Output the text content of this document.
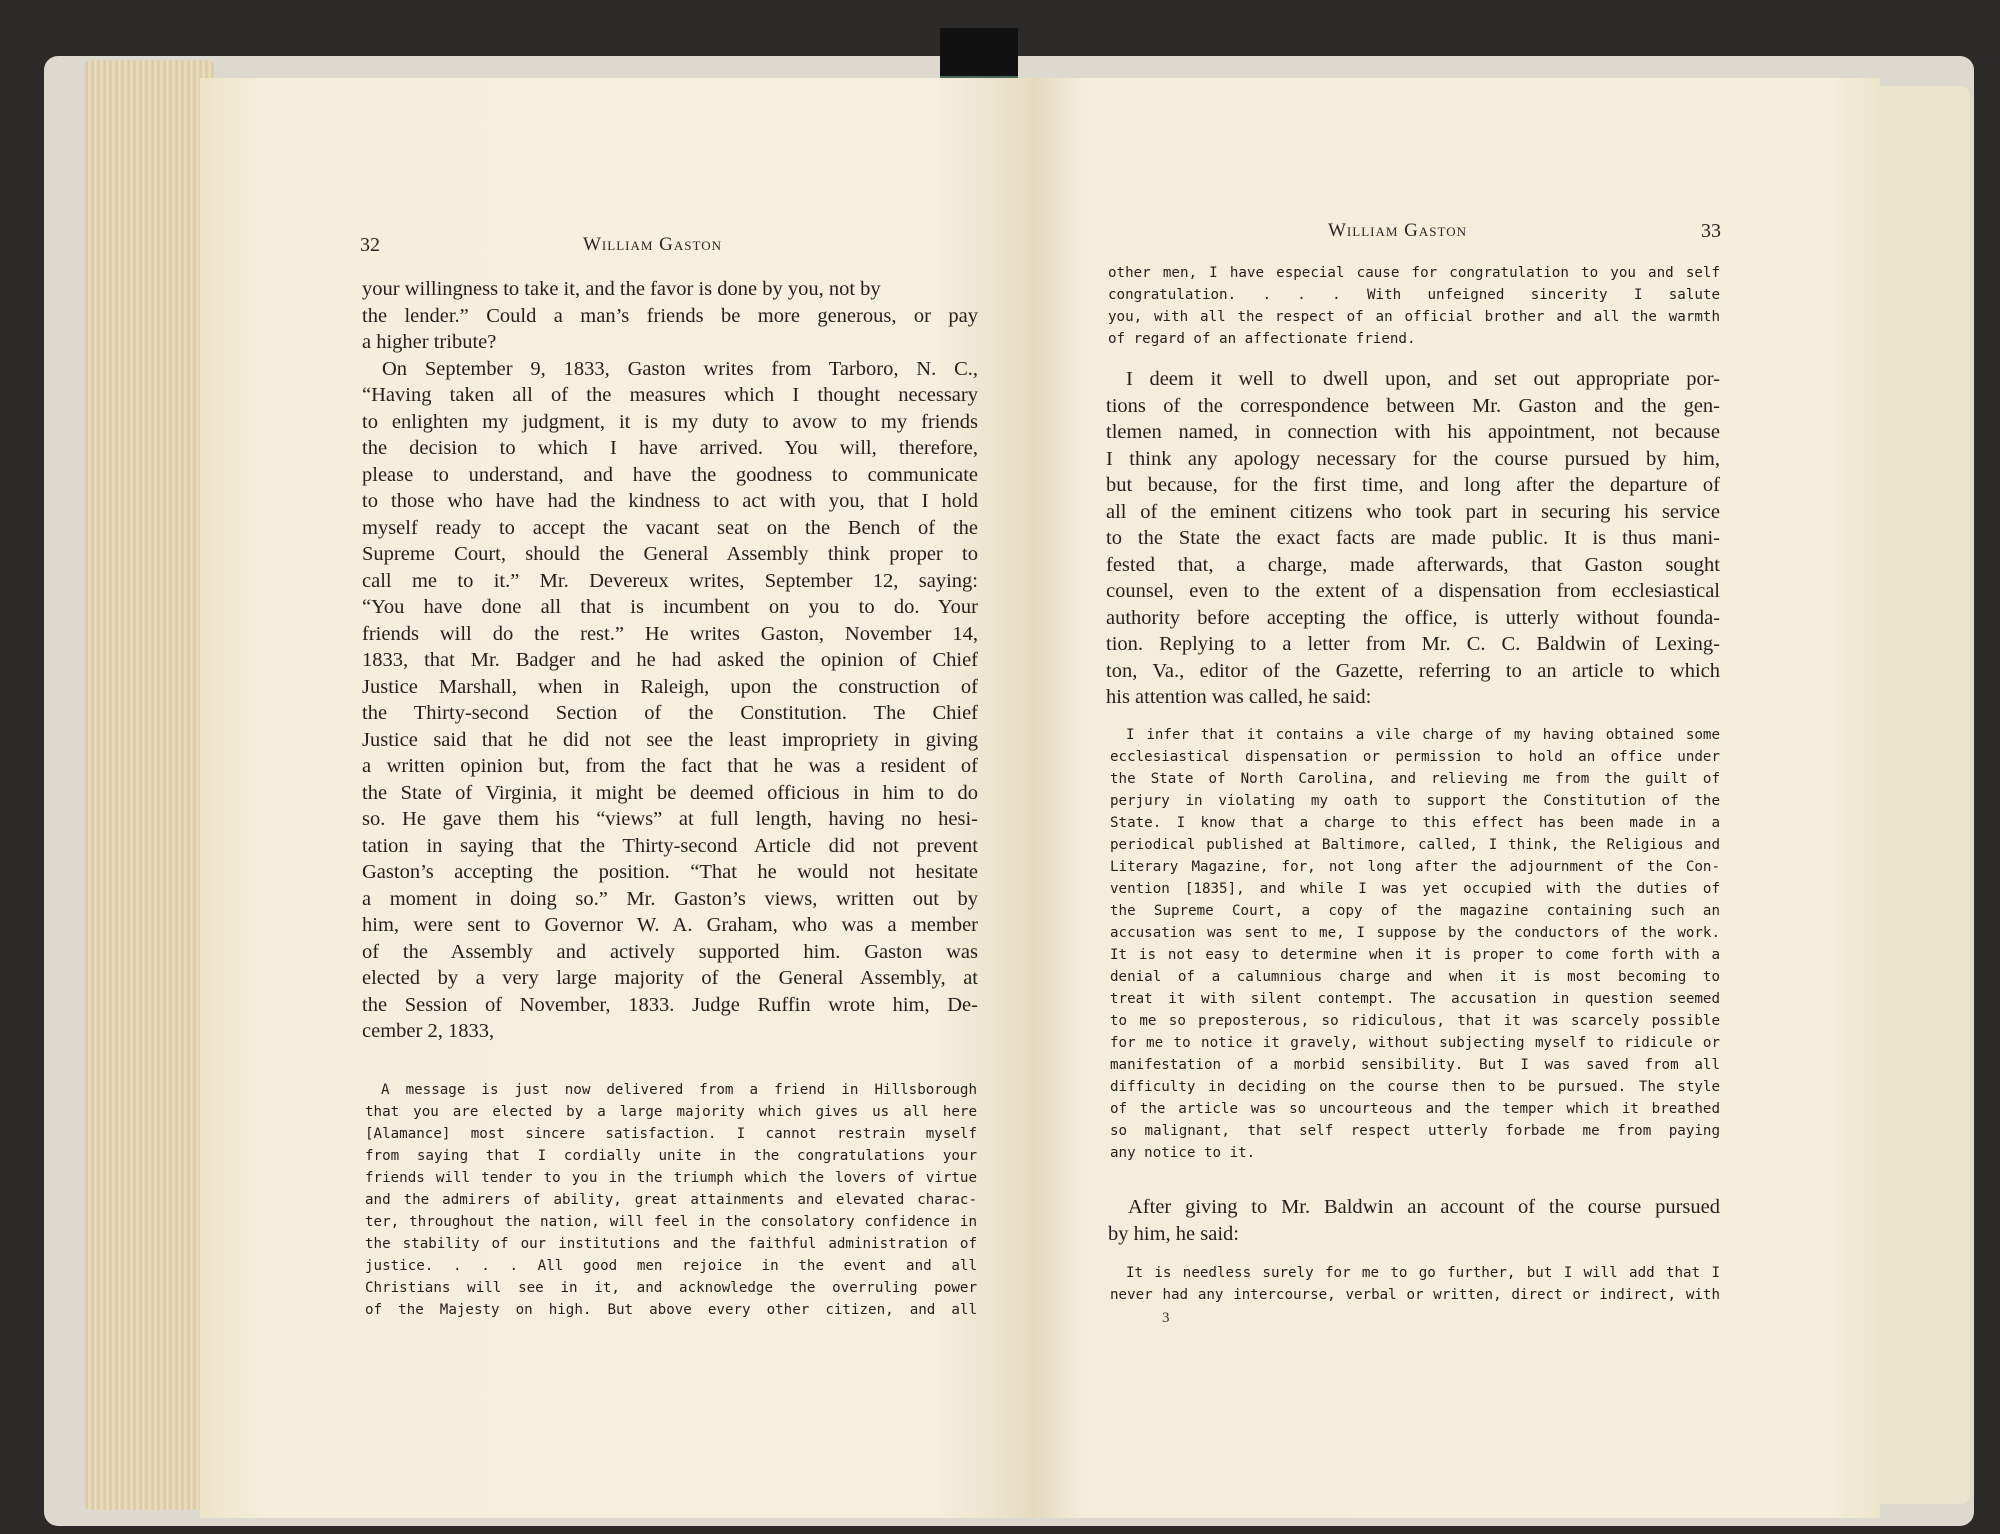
32	William Gaston
your willingness to take it, and the favor is done by you, not by
the lender.” Could a man’s friends be more generous, or pay
a higher tribute?
On September 9, 1833, Gaston writes from Tarboro, N. C.,
“Having taken all of the measures which I thought necessary
to enlighten my judgment, it is my duty to avow to my friends
the decision to which I have arrived. You will, therefore,
please to understand, and have the goodness to communicate
to those who have had the kindness to act with you, that I hold
myself ready to accept the vacant seat on the Bench of the
Supreme Court, should the General Assembly think proper to
call me to it.” Mr. Devereux writes, September 12, saying:
“You have done all that is incumbent on you to do. Your
friends will do the rest.” He writes Gaston, November 14,
1833, that Mr. Badger and he had asked the opinion of Chief
Justice Marshall, when in Raleigh, upon the construction of
the Thirty-second Section of the Constitution. The Chief
Justice said that he did not see the least impropriety in giving
a written opinion but, from the fact that he was a resident of
the State of Virginia, it might be deemed officious in him to do
so. He gave them his “views” at full length, having no hesi-
tation in saying that the Thirty-second Article did not prevent
Gaston’s accepting the position. “That he would not hesitate
a moment in doing so.” Mr. Gaston’s views, written out by
him, were sent to Governor W. A. Graham, who was a member
of the Assembly and actively supported him. Gaston was
elected by a very large majority of the General Assembly, at
the Session of November, 1833. Judge Ruffin wrote him, De-
cember 2, 1833,
A message is just now delivered from a friend in Hillsborough
that you are elected by a large majority which gives us all here
[Alamance] most sincere satisfaction. I cannot restrain myself
from saying that I cordially unite in the congratulations your
friends will tender to you in the triumph which the lovers of virtue
and the admirers of ability, great attainments and elevated charac-
ter, throughout the nation, will feel in the consolatory confidence in
the stability of our institutions and the faithful administration of
justice. . . . All good men rejoice in the event and all
Christians will see in it, and acknowledge the overruling power
of the Majesty on high. But above every other citizen, and all
William Gaston	33
other men, I have especial cause for congratulation to you and self
congratulation. . . . With unfeigned sincerity I salute
you, with all the respect of an official brother and all the warmth
of regard of an affectionate friend.
I deem it well to dwell upon, and set out appropriate por-
tions of the correspondence between Mr. Gaston and the gen-
tlemen named, in connection with his appointment, not because
I think any apology necessary for the course pursued by him,
but because, for the first time, and long after the departure of
all of the eminent citizens who took part in securing his service
to the State the exact facts are made public. It is thus mani-
fested that, a charge, made afterwards, that Gaston sought
counsel, even to the extent of a dispensation from ecclesiastical
authority before accepting the office, is utterly without founda-
tion. Replying to a letter from Mr. C. C. Baldwin of Lexing-
ton, Va., editor of the Gazette, referring to an article to which
his attention was called, he said:
I infer that it contains a vile charge of my having obtained some
ecclesiastical dispensation or permission to hold an office under
the State of North Carolina, and relieving me from the guilt of
perjury in violating my oath to support the Constitution of the
State. I know that a charge to this effect has been made in a
periodical published at Baltimore, called, I think, the Religious and
Literary Magazine, for, not long after the adjournment of the Con-
vention [1835], and while I was yet occupied with the duties of
the Supreme Court, a copy of the magazine containing such an
accusation was sent to me, I suppose by the conductors of the work.
It is not easy to determine when it is proper to come forth with a
denial of a calumnious charge and when it is most becoming to
treat it with silent contempt. The accusation in question seemed
to me so preposterous, so ridiculous, that it was scarcely possible
for me to notice it gravely, without subjecting myself to ridicule or
manifestation of a morbid sensibility. But I was saved from all
difficulty in deciding on the course then to be pursued. The style
of the article was so uncourteous and the temper which it breathed
so malignant, that self respect utterly forbade me from paying
any notice to it.
After giving to Mr. Baldwin an account of the course pursued
by him, he said:
It is needless surely for me to go further, but I will add that I
never had any intercourse, verbal or written, direct or indirect, with
3
